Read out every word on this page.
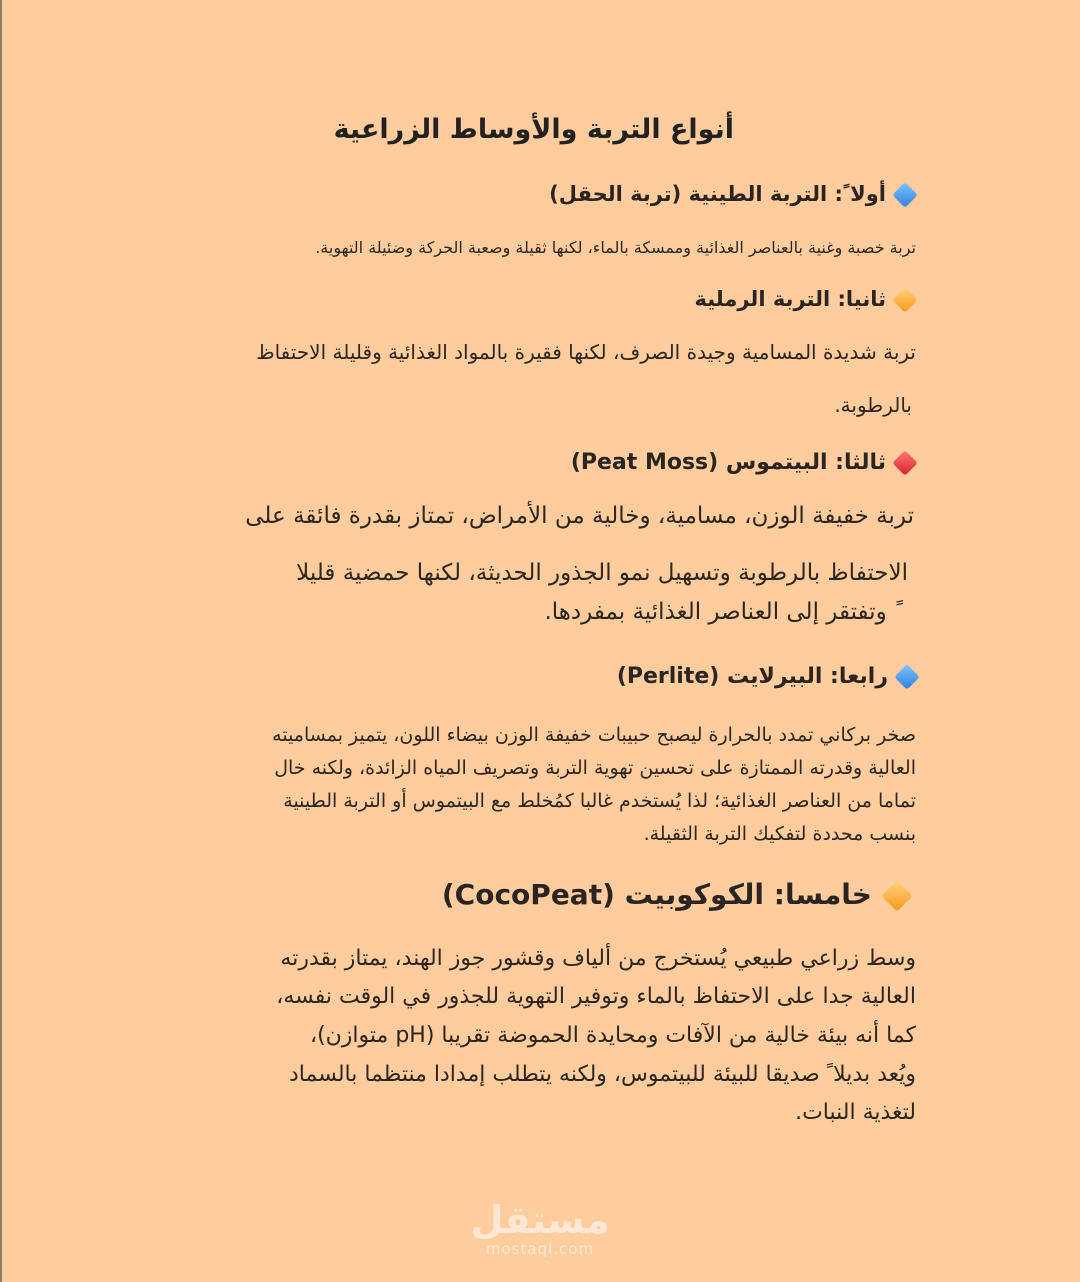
أنواع التربة والأوساط الزراعية
أولا ً: التربة الطينية (تربة الحقل)
تربة خصبة وغنية بالعناصر الغذائية وممسكة بالماء، لكنها ثقيلة وصعبة الحركة وضئيلة التهوية.
ثانيا: التربة الرملية
تربة شديدة المسامية وجيدة الصرف، لكنها فقيرة بالمواد الغذائية وقليلة الاحتفاظ
بالرطوبة.
ثالثا: البيتموس (Peat Moss)
تربة خفيفة الوزن، مسامية، وخالية من الأمراض، تمتاز بقدرة فائقة على
الاحتفاظ بالرطوبة وتسهيل نمو الجذور الحديثة، لكنها حمضية قليلا
ً وتفتقر إلى العناصر الغذائية بمفردها.
رابعا: البيرلايت (Perlite)
صخر بركاني تمدد بالحرارة ليصبح حبيبات خفيفة الوزن بيضاء اللون، يتميز بمساميته
العالية وقدرته الممتازة على تحسين تهوية التربة وتصريف المياه الزائدة، ولكنه خال
تماما من العناصر الغذائية؛ لذا يُستخدم غالبا كمُخلط مع البيتموس أو التربة الطينية
بنسب محددة لتفكيك التربة الثقيلة.
خامسا: الكوكوبيت (CocoPeat)
وسط زراعي طبيعي يُستخرج من ألياف وقشور جوز الهند، يمتاز بقدرته
العالية جدا على الاحتفاظ بالماء وتوفير التهوية للجذور في الوقت نفسه،
كما أنه بيئة خالية من الآفات ومحايدة الحموضة تقريبا (pH متوازن)،
ويُعد بديلا ً صديقا للبيئة للبيتموس، ولكنه يتطلب إمدادا منتظما بالسماد
لتغذية النبات.
مستقل
mostaql.com
